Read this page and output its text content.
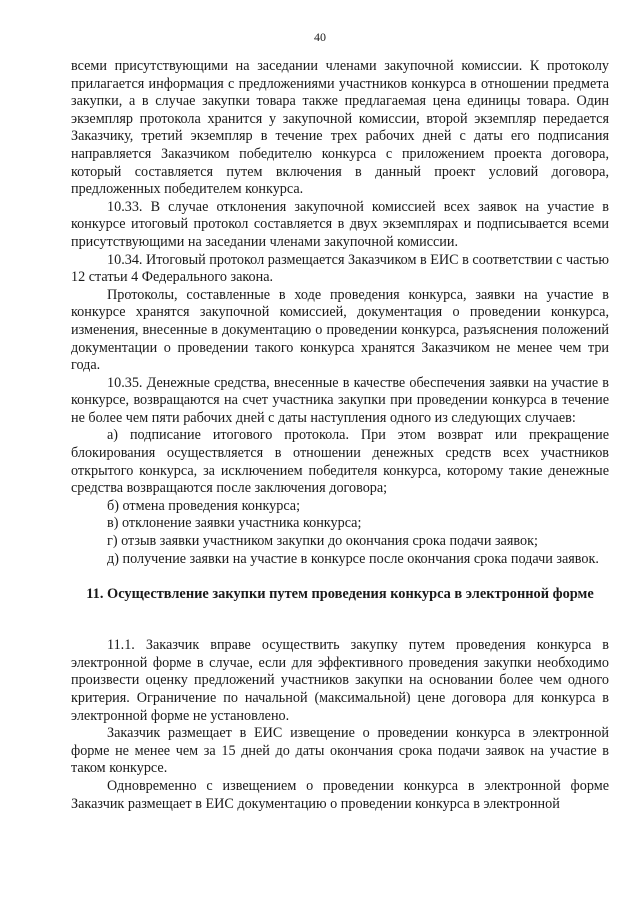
40

всеми присутствующими на заседании членами закупочной комиссии. К протоколу прилагается информация с предложениями участников конкурса в отношении предмета закупки, а в случае закупки товара также предлагаемая цена единицы товара. Один экземпляр протокола хранится у закупочной комиссии, второй экземпляр передается Заказчику, третий экземпляр в течение трех рабочих дней с даты его подписания направляется Заказчиком победителю конкурса с приложением проекта договора, который составляется путем включения в данный проект условий договора, предложенных победителем конкурса.

10.33. В случае отклонения закупочной комиссией всех заявок на участие в конкурсе итоговый протокол составляется в двух экземплярах и подписывается всеми присутствующими на заседании членами закупочной комиссии.

10.34. Итоговый протокол размещается Заказчиком в ЕИС в соответствии с частью 12 статьи 4 Федерального закона.

Протоколы, составленные в ходе проведения конкурса, заявки на участие в конкурсе хранятся закупочной комиссией, документация о проведении конкурса, изменения, внесенные в документацию о проведении конкурса, разъяснения положений документации о проведении такого конкурса хранятся Заказчиком не менее чем три года.

10.35. Денежные средства, внесенные в качестве обеспечения заявки на участие в конкурсе, возвращаются на счет участника закупки при проведении конкурса в течение не более чем пяти рабочих дней с даты наступления одного из следующих случаев:

а) подписание итогового протокола. При этом возврат или прекращение блокирования осуществляется в отношении денежных средств всех участников открытого конкурса, за исключением победителя конкурса, которому такие денежные средства возвращаются после заключения договора;

б) отмена проведения конкурса;

в) отклонение заявки участника конкурса;

г) отзыв заявки участником закупки до окончания срока подачи заявок;

д) получение заявки на участие в конкурсе после окончания срока подачи заявок.

11. Осуществление закупки путем проведения конкурса в электронной форме

11.1. Заказчик вправе осуществить закупку путем проведения конкурса в электронной форме в случае, если для эффективного проведения закупки необходимо произвести оценку предложений участников закупки на основании более чем одного критерия. Ограничение по начальной (максимальной) цене договора для конкурса в электронной форме не установлено.

Заказчик размещает в ЕИС извещение о проведении конкурса в электронной форме не менее чем за 15 дней до даты окончания срока подачи заявок на участие в таком конкурсе.

Одновременно с извещением о проведении конкурса в электронной форме Заказчик размещает в ЕИС документацию о проведении конкурса в электронной
